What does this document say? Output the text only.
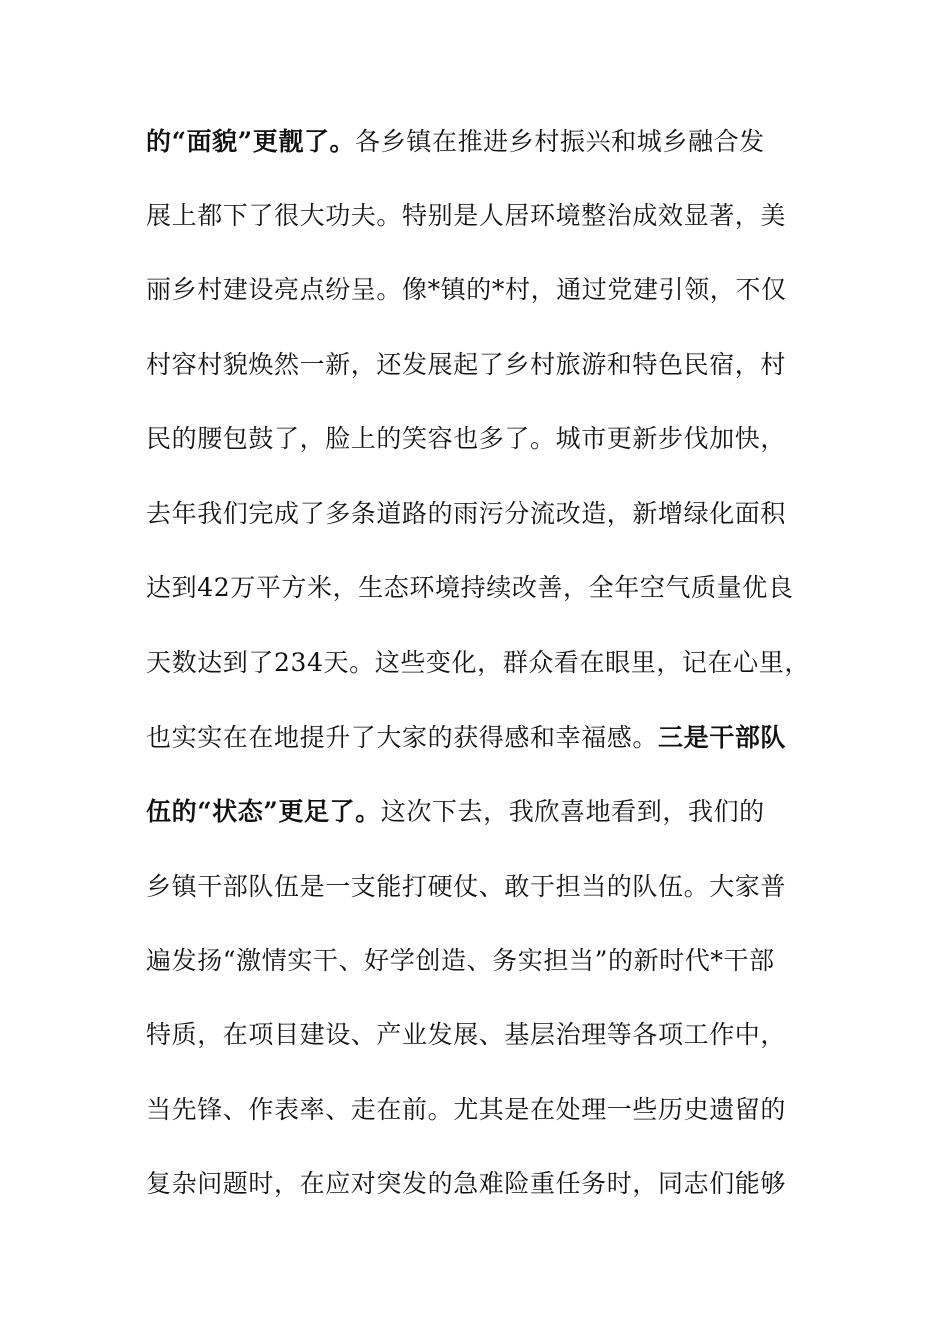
的“面貌”更靓了。各乡镇在推进乡村振兴和城乡融合发
展上都下了很大功夫。特别是人居环境整治成效显著，美
丽乡村建设亮点纷呈。像*镇的*村，通过党建引领，不仅
村容村貌焕然一新，还发展起了乡村旅游和特色民宿，村
民的腰包鼓了，脸上的笑容也多了。城市更新步伐加快，
去年我们完成了多条道路的雨污分流改造，新增绿化面积
达到42万平方米，生态环境持续改善，全年空气质量优良
天数达到了234天。这些变化，群众看在眼里，记在心里，
也实实在在地提升了大家的获得感和幸福感。三是干部队
伍的“状态”更足了。这次下去，我欣喜地看到，我们的
乡镇干部队伍是一支能打硬仗、敢于担当的队伍。大家普
遍发扬“激情实干、好学创造、务实担当”的新时代*干部
特质，在项目建设、产业发展、基层治理等各项工作中，
当先锋、作表率、走在前。尤其是在处理一些历史遗留的
复杂问题时，在应对突发的急难险重任务时，同志们能够
